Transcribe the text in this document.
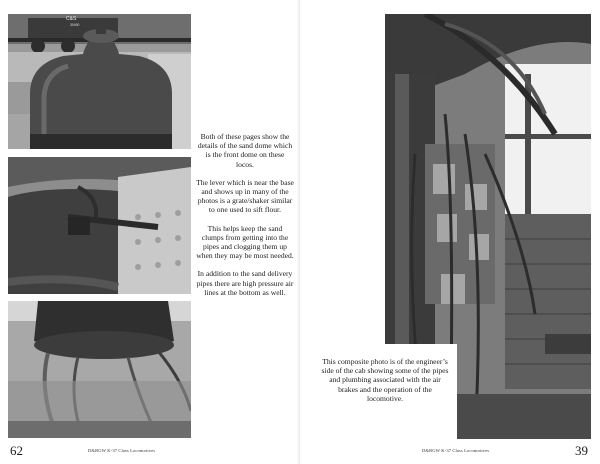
C&S
30490

Both of these pages show the details of the sand dome which is the front dome on these locos.

The lever which is near the base and shows up in many of the photos is a grate/shaker similar to one used to sift flour.

This helps keep the sand clumps from getting into the pipes and clogging them up when they may be most needed.

In addition to the sand delivery pipes there are high pressure air lines at the bottom as well.

62	D&RGW K-37 Class Locomotives	39
This composite photo is of the engineer’s side of the cab showing some of the pipes and plumbing associated with the air brakes and the operation of the locomotive.
D&RGW K-37 Class Locomotives
